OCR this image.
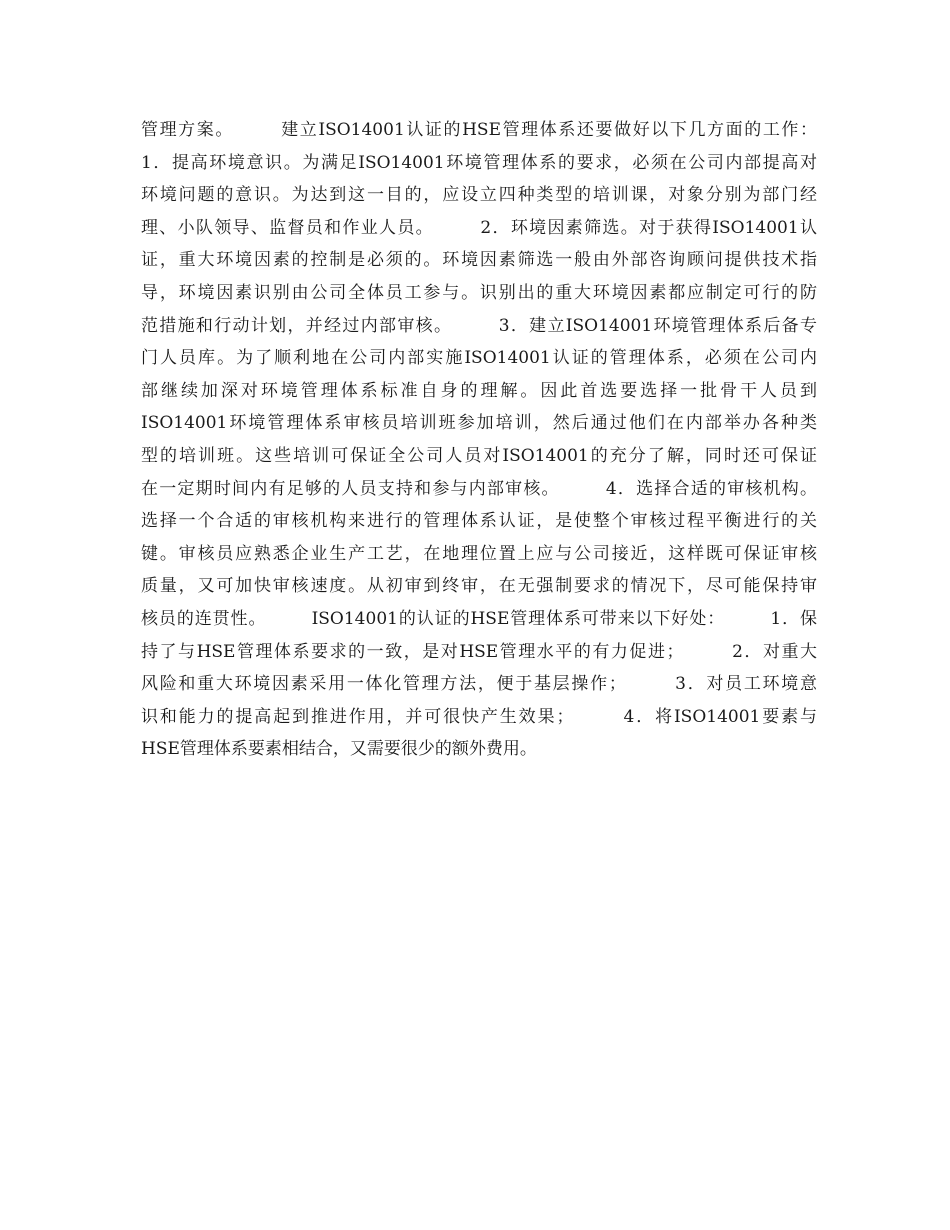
管理方案。　　　建立ISO14001认证的HSE管理体系还要做好以下几方面的工作：
1．提高环境意识。为满足ISO14001环境管理体系的要求，必须在公司内部提高对
环境问题的意识。为达到这一目的，应设立四种类型的培训课，对象分别为部门经
理、小队领导、监督员和作业人员。　　　2．环境因素筛选。对于获得ISO14001认
证，重大环境因素的控制是必须的。环境因素筛选一般由外部咨询顾问提供技术指
导，环境因素识别由公司全体员工参与。识别出的重大环境因素都应制定可行的防
范措施和行动计划，并经过内部审核。　　　3．建立ISO14001环境管理体系后备专
门人员库。为了顺利地在公司内部实施ISO14001认证的管理体系，必须在公司内
部继续加深对环境管理体系标准自身的理解。因此首选要选择一批骨干人员到
ISO14001环境管理体系审核员培训班参加培训，然后通过他们在内部举办各种类
型的培训班。这些培训可保证全公司人员对ISO14001的充分了解，同时还可保证
在一定期时间内有足够的人员支持和参与内部审核。　　　4．选择合适的审核机构。
选择一个合适的审核机构来进行的管理体系认证，是使整个审核过程平衡进行的关
键。审核员应熟悉企业生产工艺，在地理位置上应与公司接近，这样既可保证审核
质量，又可加快审核速度。从初审到终审，在无强制要求的情况下，尽可能保持审
核员的连贯性。　　　ISO14001的认证的HSE管理体系可带来以下好处：　　　1．保
持了与HSE管理体系要求的一致，是对HSE管理水平的有力促进；　　　2．对重大
风险和重大环境因素采用一体化管理方法，便于基层操作；　　　3．对员工环境意
识和能力的提高起到推进作用，并可很快产生效果；　　　4．将ISO14001要素与
HSE管理体系要素相结合，又需要很少的额外费用。
